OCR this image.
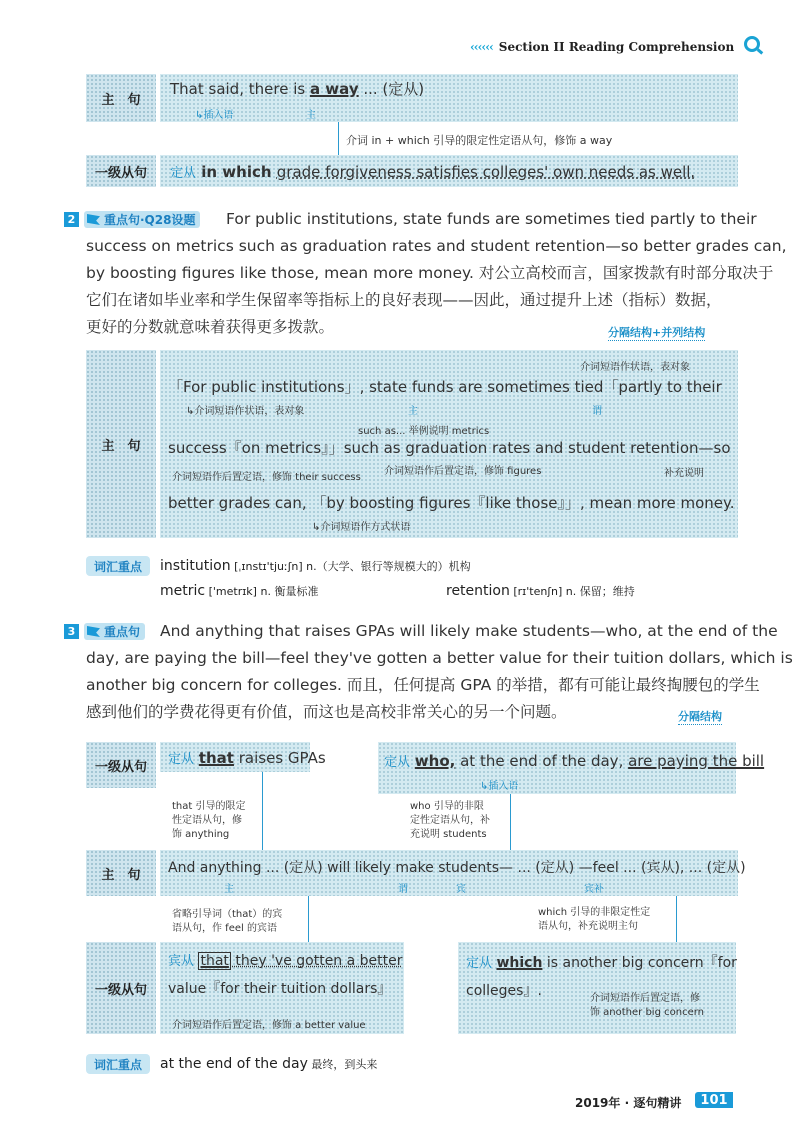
‹‹‹‹‹‹ Section II Reading Comprehension
主　句
That said, there is a way ... (定从)
↳插入语	主
介词 in + which 引导的限定性定语从句，修饰 a way
一级从句	定从 in which grade forgiveness satisfies colleges' own needs as well.
2	重点句·Q28设题	For public institutions, state funds are sometimes tied partly to their
success on metrics such as graduation rates and student retention—so better grades can,
by boosting figures like those, mean more money. 对公立高校而言，国家拨款有时部分取决于
它们在诸如毕业率和学生保留率等指标上的良好表现——因此，通过提升上述（指标）数据，
更好的分数就意味着获得更多拨款。	分隔结构+并列结构
主　句
介词短语作状语，表对象
「For public institutions」, state funds are sometimes tied「partly to their
↳介词短语作状语，表对象	主	谓
such as... 举例说明 metrics
success『on metrics』」such as graduation rates and student retention—so
介词短语作后置定语，修饰 their success
介词短语作后置定语，修饰 figures	补充说明
better grades can, 「by boosting figures『like those』」, mean more money.
↳介词短语作方式状语
词汇重点	institution [ˌɪnstɪ'tjuːʃn] n.（大学、银行等规模大的）机构
metric ['metrɪk] n. 衡量标准	retention [rɪ'tenʃn] n. 保留；维持
3	重点句	And anything that raises GPAs will likely make students—who, at the end of the
day, are paying the bill—feel they've gotten a better value for their tuition dollars, which is
another big concern for colleges. 而且，任何提高 GPA 的举措，都有可能让最终掏腰包的学生
感到他们的学费花得更有价值，而这也是高校非常关心的另一个问题。	分隔结构
一级从句	定从 that raises GPAs	定从 who, at the end of the day, are paying the bill
↳插入语
that 引导的限定
性定语从句，修
饰 anything
who 引导的非限
定性定语从句，补
充说明 students
主　句	And anything ... (定从) will likely make students— ... (定从) —feel ... (宾从), ... (定从)
主	谓	宾	宾补
省略引导词（that）的宾
语从句，作 feel 的宾语
which 引导的非限定性定
语从句，补充说明主句
一级从句
宾从 that they 've gotten a better
value『for their tuition dollars』
介词短语作后置定语，修饰 a better value
定从 which is another big concern『for
colleges』.	介词短语作后置定语，修
饰 another big concern
词汇重点	at the end of the day 最终，到头来
2019年 · 逐句精讲	101
